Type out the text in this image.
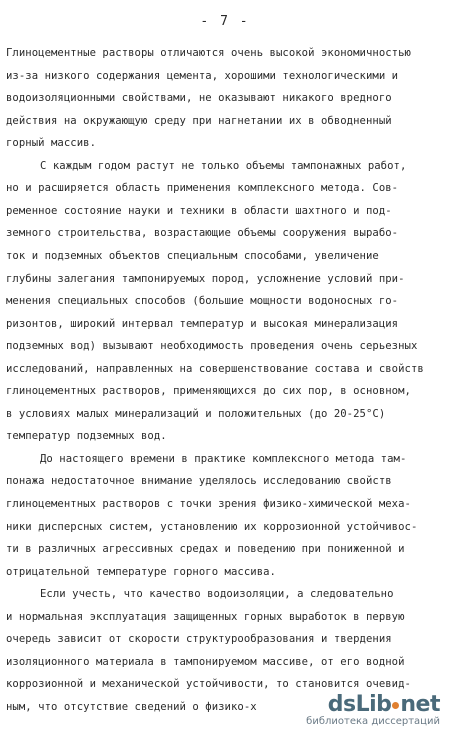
- 7 -
Глиноцементные растворы отличаются очень высокой экономичностью
из-за низкого содержания цемента, хорошими технологическими и
водоизоляционными свойствами, не оказывают никакого вредного
действия на окружающую среду при нагнетании их в обводненный
горный массив.
С каждым годом растут не только объемы тампонажных работ,
но и расширяется область применения комплексного метода. Сов-
ременное состояние науки и техники в области шахтного и под-
земного строительства, возрастающие объемы сооружения вырабо-
ток и подземных объектов специальным способами, увеличение
глубины залегания тампонируемых пород, усложнение условий при-
менения специальных способов (большие мощности водоносных го-
ризонтов, широкий интервал температур и высокая минерализация
подземных вод) вызывают необходимость проведения очень серьезных
исследований, направленных на совершенствование состава и свойств
глиноцементных растворов, применяющихся до сих пор, в основном,
в условиях малых минерализаций и положительных (до 20-25°С)
температур подземных вод.
До настоящего времени в практике комплексного метода там-
понажа недостаточное внимание уделялось исследованию свойств
глиноцементных растворов с точки зрения физико-химической меха-
ники дисперсных систем, установлению их коррозионной устойчивос-
ти в различных агрессивных средах и поведению при пониженной и
отрицательной температуре горного массива.
Если учесть, что качество водоизоляции, а следовательно
и нормальная эксплуатация защищенных горных выработок в первую
очередь зависит от скорости структурообразования и твердения
изоляционного материала в тампонируемом массиве, от его водной
коррозионной и механической устойчивости, то становится очевид-
ным, что отсутствие сведений о физико-х	dsLib net
библиотека диссертаций
